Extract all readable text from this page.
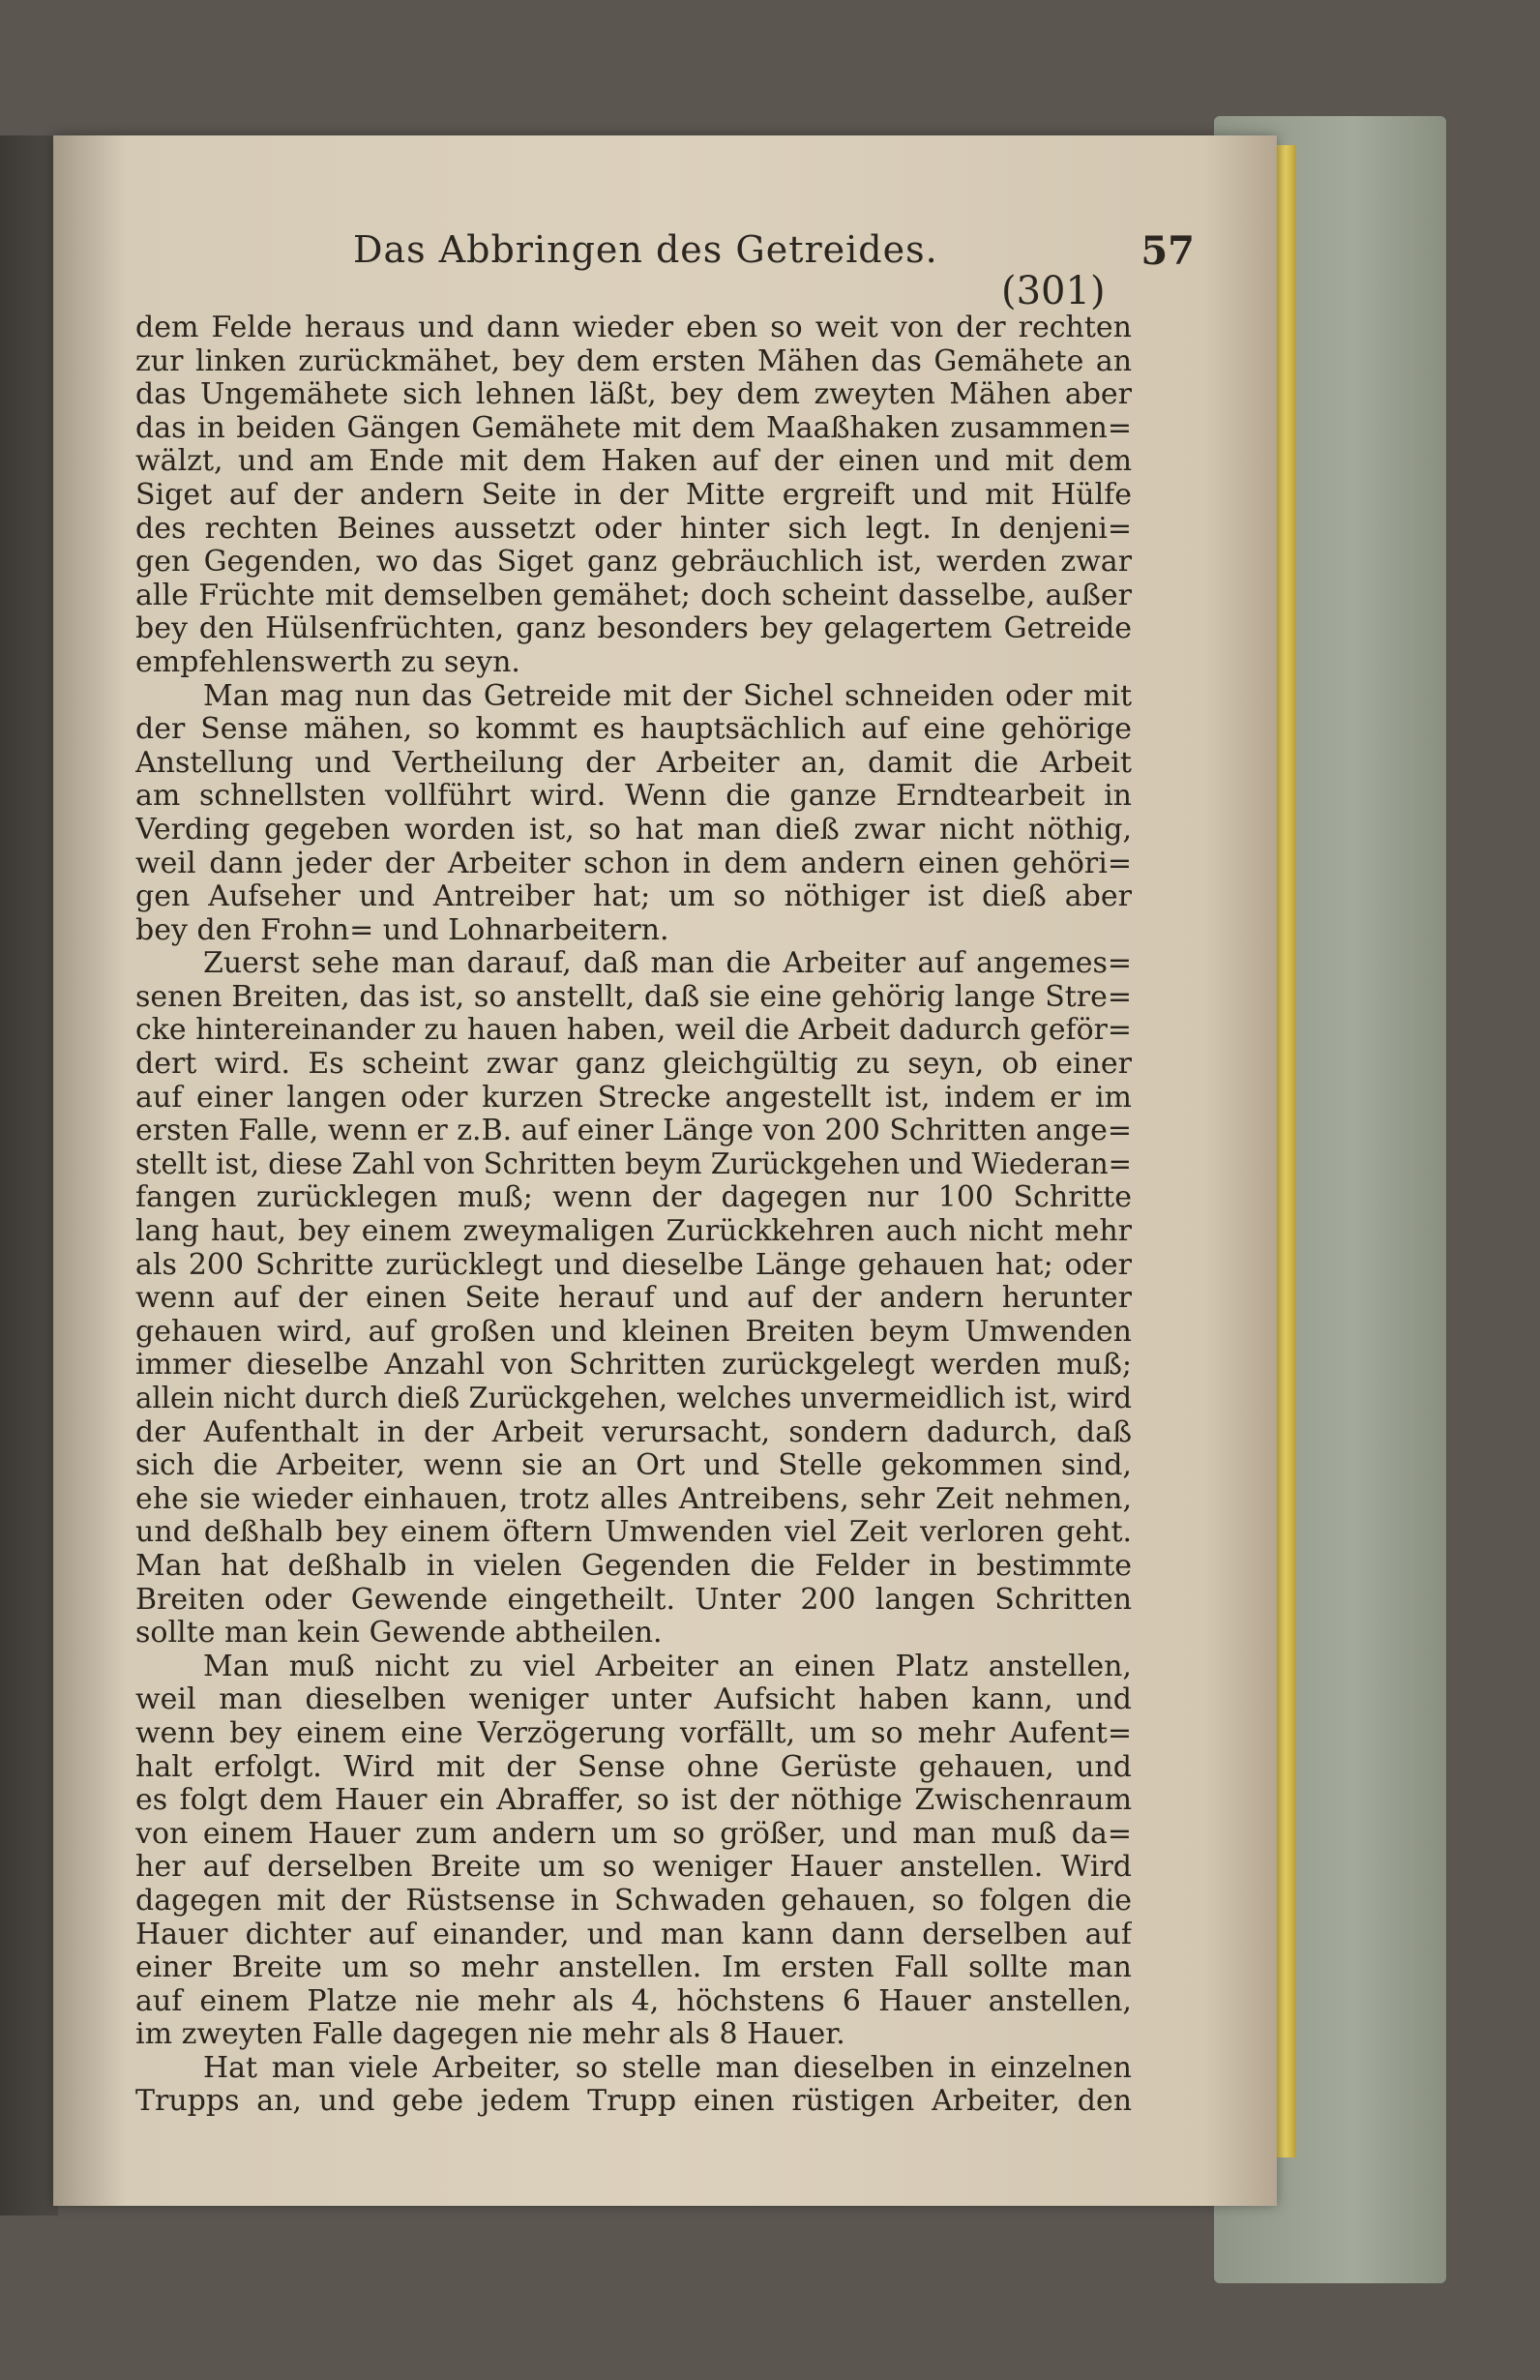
Das Abbringen des Getreides.	57
(301)
dem Felde heraus und dann wieder eben so weit von der rechten
zur linken zurückmähet, bey dem ersten Mähen das Gemähete an
das Ungemähete sich lehnen läßt, bey dem zweyten Mähen aber
das in beiden Gängen Gemähete mit dem Maaßhaken zusammen=
wälzt, und am Ende mit dem Haken auf der einen und mit dem
Siget auf der andern Seite in der Mitte ergreift und mit Hülfe
des rechten Beines aussetzt oder hinter sich legt. In denjeni=
gen Gegenden, wo das Siget ganz gebräuchlich ist, werden zwar
alle Früchte mit demselben gemähet; doch scheint dasselbe, außer
bey den Hülsenfrüchten, ganz besonders bey gelagertem Getreide
empfehlenswerth zu seyn.
Man mag nun das Getreide mit der Sichel schneiden oder mit
der Sense mähen, so kommt es hauptsächlich auf eine gehörige
Anstellung und Vertheilung der Arbeiter an, damit die Arbeit
am schnellsten vollführt wird. Wenn die ganze Erndtearbeit in
Verding gegeben worden ist, so hat man dieß zwar nicht nöthig,
weil dann jeder der Arbeiter schon in dem andern einen gehöri=
gen Aufseher und Antreiber hat; um so nöthiger ist dieß aber
bey den Frohn= und Lohnarbeitern.
Zuerst sehe man darauf, daß man die Arbeiter auf angemes=
senen Breiten, das ist, so anstellt, daß sie eine gehörig lange Stre=
cke hintereinander zu hauen haben, weil die Arbeit dadurch geför=
dert wird. Es scheint zwar ganz gleichgültig zu seyn, ob einer
auf einer langen oder kurzen Strecke angestellt ist, indem er im
ersten Falle, wenn er z.B. auf einer Länge von 200 Schritten ange=
stellt ist, diese Zahl von Schritten beym Zurückgehen und Wiederan=
fangen zurücklegen muß; wenn der dagegen nur 100 Schritte
lang haut, bey einem zweymaligen Zurückkehren auch nicht mehr
als 200 Schritte zurücklegt und dieselbe Länge gehauen hat; oder
wenn auf der einen Seite herauf und auf der andern herunter
gehauen wird, auf großen und kleinen Breiten beym Umwenden
immer dieselbe Anzahl von Schritten zurückgelegt werden muß;
allein nicht durch dieß Zurückgehen, welches unvermeidlich ist, wird
der Aufenthalt in der Arbeit verursacht, sondern dadurch, daß
sich die Arbeiter, wenn sie an Ort und Stelle gekommen sind,
ehe sie wieder einhauen, trotz alles Antreibens, sehr Zeit nehmen,
und deßhalb bey einem öftern Umwenden viel Zeit verloren geht.
Man hat deßhalb in vielen Gegenden die Felder in bestimmte
Breiten oder Gewende eingetheilt. Unter 200 langen Schritten
sollte man kein Gewende abtheilen.
Man muß nicht zu viel Arbeiter an einen Platz anstellen,
weil man dieselben weniger unter Aufsicht haben kann, und
wenn bey einem eine Verzögerung vorfällt, um so mehr Aufent=
halt erfolgt. Wird mit der Sense ohne Gerüste gehauen, und
es folgt dem Hauer ein Abraffer, so ist der nöthige Zwischenraum
von einem Hauer zum andern um so größer, und man muß da=
her auf derselben Breite um so weniger Hauer anstellen. Wird
dagegen mit der Rüstsense in Schwaden gehauen, so folgen die
Hauer dichter auf einander, und man kann dann derselben auf
einer Breite um so mehr anstellen. Im ersten Fall sollte man
auf einem Platze nie mehr als 4, höchstens 6 Hauer anstellen,
im zweyten Falle dagegen nie mehr als 8 Hauer.
Hat man viele Arbeiter, so stelle man dieselben in einzelnen
Trupps an, und gebe jedem Trupp einen rüstigen Arbeiter, den
